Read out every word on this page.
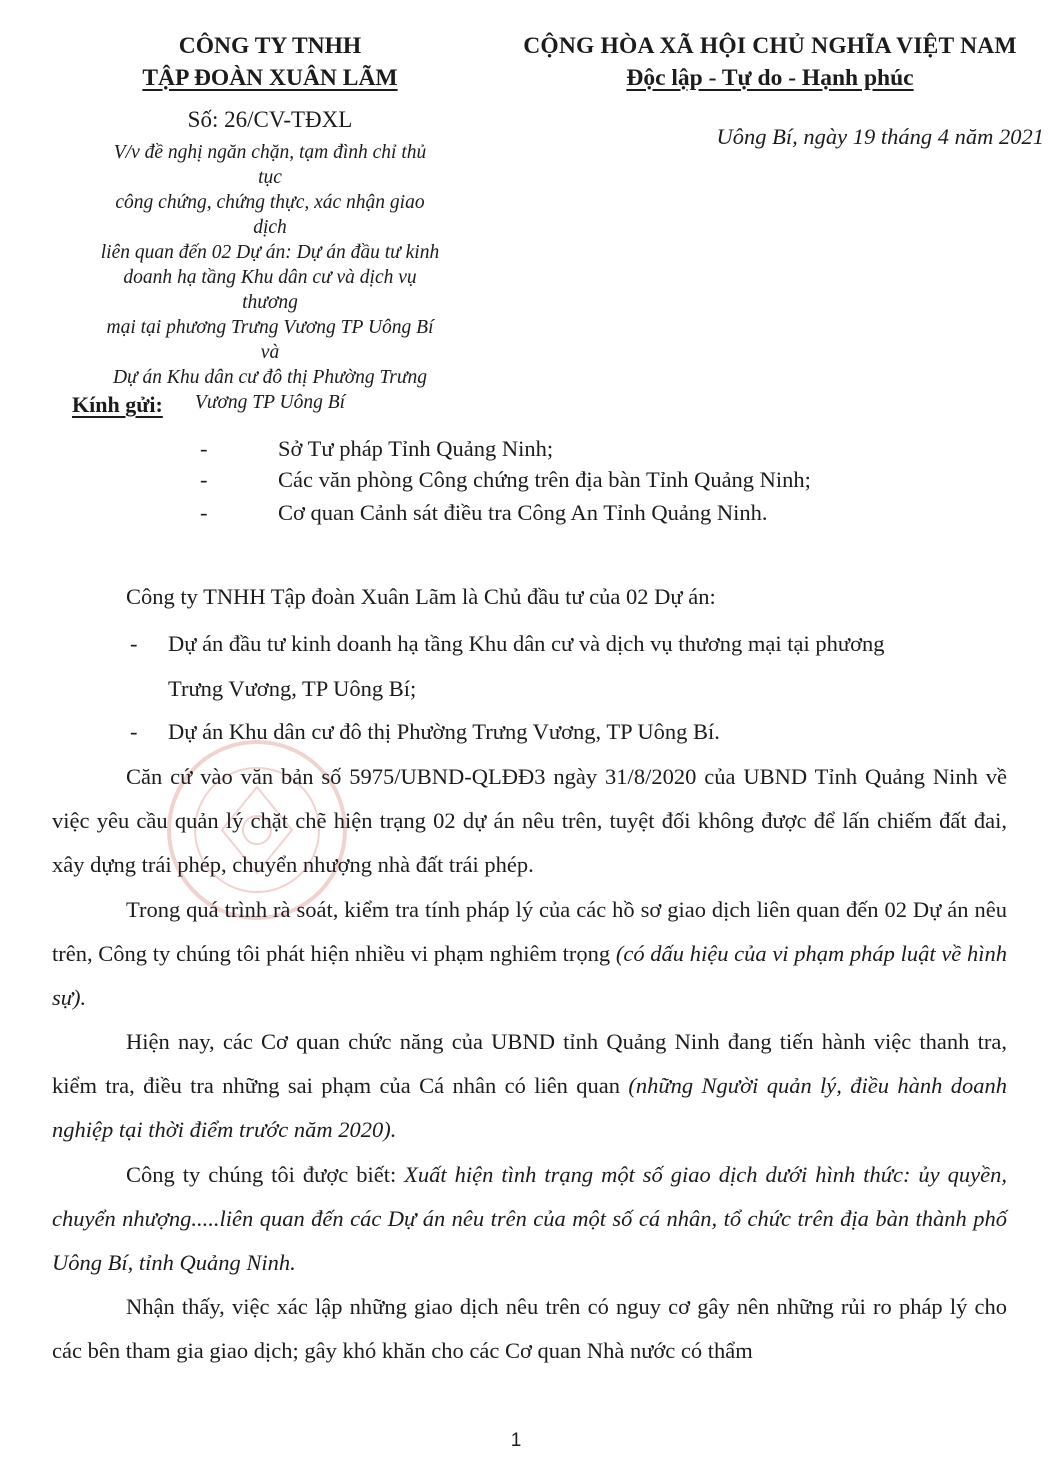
CÔNG TY TNHH
TẬP ĐOÀN XUÂN LÃM
Số: 26/CV-TĐXL
V/v đề nghị ngăn chặn, tạm đình chỉ thủ tục
công chứng, chứng thực, xác nhận giao dịch
liên quan đến 02 Dự án: Dự án đầu tư kinh
doanh hạ tầng Khu dân cư và dịch vụ thương
mại tại phương Trưng Vương TP Uông Bí và
Dự án Khu dân cư đô thị Phường Trưng
Vương TP Uông Bí
CỘNG HÒA XÃ HỘI CHỦ NGHĨA VIỆT NAM
Độc lập - Tự do - Hạnh phúc
Uông Bí, ngày 19 tháng 4 năm 2021
Kính gửi:
-	Sở Tư pháp Tỉnh Quảng Ninh;
-	Các văn phòng Công chứng trên địa bàn Tỉnh Quảng Ninh;
-	Cơ quan Cảnh sát điều tra Công An Tỉnh Quảng Ninh.
Công ty TNHH Tập đoàn Xuân Lãm là Chủ đầu tư của 02 Dự án:
- Dự án đầu tư kinh doanh hạ tầng Khu dân cư và dịch vụ thương mại tại phương
Trưng Vương, TP Uông Bí;
- Dự án Khu dân cư đô thị Phường Trưng Vương, TP Uông Bí.
Căn cứ vào văn bản số 5975/UBND-QLĐĐ3 ngày 31/8/2020 của UBND Tỉnh Quảng Ninh về việc yêu cầu quản lý chặt chẽ hiện trạng 02 dự án nêu trên, tuyệt đối không được để lấn chiếm đất đai, xây dựng trái phép, chuyển nhượng nhà đất trái phép.
Trong quá trình rà soát, kiểm tra tính pháp lý của các hồ sơ giao dịch liên quan đến 02 Dự án nêu trên, Công ty chúng tôi phát hiện nhiều vi phạm nghiêm trọng (có dấu hiệu của vi phạm pháp luật về hình sự).
Hiện nay, các Cơ quan chức năng của UBND tỉnh Quảng Ninh đang tiến hành việc thanh tra, kiểm tra, điều tra những sai phạm của Cá nhân có liên quan (những Người quản lý, điều hành doanh nghiệp tại thời điểm trước năm 2020).
Công ty chúng tôi được biết: Xuất hiện tình trạng một số giao dịch dưới hình thức: ủy quyền, chuyển nhượng.....liên quan đến các Dự án nêu trên của một số cá nhân, tổ chức trên địa bàn thành phố Uông Bí, tỉnh Quảng Ninh.
Nhận thấy, việc xác lập những giao dịch nêu trên có nguy cơ gây nên những rủi ro pháp lý cho các bên tham gia giao dịch; gây khó khăn cho các Cơ quan Nhà nước có thẩm
1
